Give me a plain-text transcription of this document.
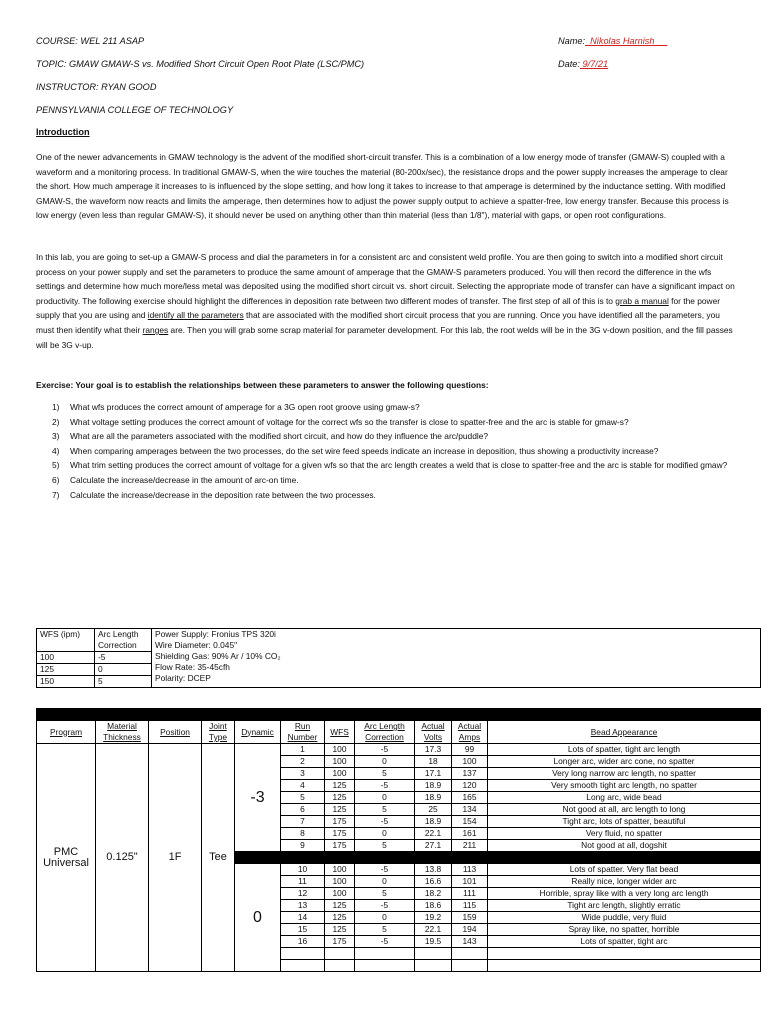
COURSE: WEL 211 ASAP
TOPIC: GMAW GMAW-S vs. Modified Short Circuit Open Root Plate (LSC/PMC)
INSTRUCTOR: RYAN GOOD
PENNSYLVANIA COLLEGE OF TECHNOLOGY
Name:  Nikolas Harnish
Date: 9/7/21
Introduction
One of the newer advancements in GMAW technology is the advent of the modified short-circuit transfer. This is a combination of a low energy mode of transfer (GMAW-S) coupled with a waveform and a monitoring process. In traditional GMAW-S, when the wire touches the material (80-200x/sec), the resistance drops and the power supply increases the amperage to clear the short. How much amperage it increases to is influenced by the slope setting, and how long it takes to increase to that amperage is determined by the inductance setting. With modified GMAW-S, the waveform now reacts and limits the amperage, then determines how to adjust the power supply output to achieve a spatter-free, low energy transfer. Because this process is low energy (even less than regular GMAW-S), it should never be used on anything other than thin material (less than 1/8"), material with gaps, or open root configurations.
In this lab, you are going to set-up a GMAW-S process and dial the parameters in for a consistent arc and consistent weld profile. You are then going to switch into a modified short circuit process on your power supply and set the parameters to produce the same amount of amperage that the GMAW-S parameters produced. You will then record the difference in the wfs settings and determine how much more/less metal was deposited using the modified short circuit vs. short circuit. Selecting the appropriate mode of transfer can have a significant impact on productivity. The following exercise should highlight the differences in deposition rate between two different modes of transfer. The first step of all of this is to grab a manual for the power supply that you are using and identify all the parameters that are associated with the modified short circuit process that you are running. Once you have identified all the parameters, you must then identify what their ranges are. Then you will grab some scrap material for parameter development. For this lab, the root welds will be in the 3G v-down position, and the fill passes will be 3G v-up.
Exercise: Your goal is to establish the relationships between these parameters to answer the following questions:
1) What wfs produces the correct amount of amperage for a 3G open root groove using gmaw-s?
2) What voltage setting produces the correct amount of voltage for the correct wfs so the transfer is close to spatter-free and the arc is stable for gmaw-s?
3) What are all the parameters associated with the modified short circuit, and how do they influence the arc/puddle?
4) When comparing amperages between the two processes, do the set wire feed speeds indicate an increase in deposition, thus showing a productivity increase?
5) What trim setting produces the correct amount of voltage for a given wfs so that the arc length creates a weld that is close to spatter-free and the arc is stable for modified gmaw?
6) Calculate the increase/decrease in the amount of arc-on time.
7) Calculate the increase/decrease in the deposition rate between the two processes.
WFS (ipm)	Arc Length Correction	Power Supply: Fronius TPS 320i
Wire Diameter: 0.045"
Shielding Gas: 90% Ar / 10% CO₂
Flow Rate: 35-45cfh
Polarity: DCEP

100	-5	
125	0	
150	5	

Program	Material Thickness	Position	Joint Type	Dynamic	Run Number	WFS	Arc Length Correction	Actual Volts	Actual Amps	Bead Appearance
PMC Universal	0.125"	1F	Tee	-3	1	100	-5	17.3	99	Lots of spatter, tight arc length
					2	100	0	18	100	Longer arc, wider arc cone, no spatter
					3	100	5	17.1	137	Very long narrow arc length, no spatter
					4	125	-5	18.9	120	Very smooth tight arc length, no spatter
					5	125	0	18.9	165	Long arc, wide bead
					6	125	5	25	134	Not good at all, arc length to long
					7	175	-5	18.9	154	Tight arc, lots of spatter, beautiful
					8	175	0	22.1	161	Very fluid, no spatter
					9	175	5	27.1	211	Not good at all, dogshit

				0	10	100	-5	13.8	113	Lots of spatter. Very flat bead
					11	100	0	16.6	101	Really nice, longer wider arc
					12	100	5	18.2	111	Horrible, spray like with a very long arc length
					13	125	-5	18.6	115	Tight arc length, slightly erratic
					14	125	0	19.2	159	Wide puddle, very fluid
					15	125	5	22.1	194	Spray like, no spatter, horrible
					16	175	-5	19.5	143	Lots of spatter, tight arc
